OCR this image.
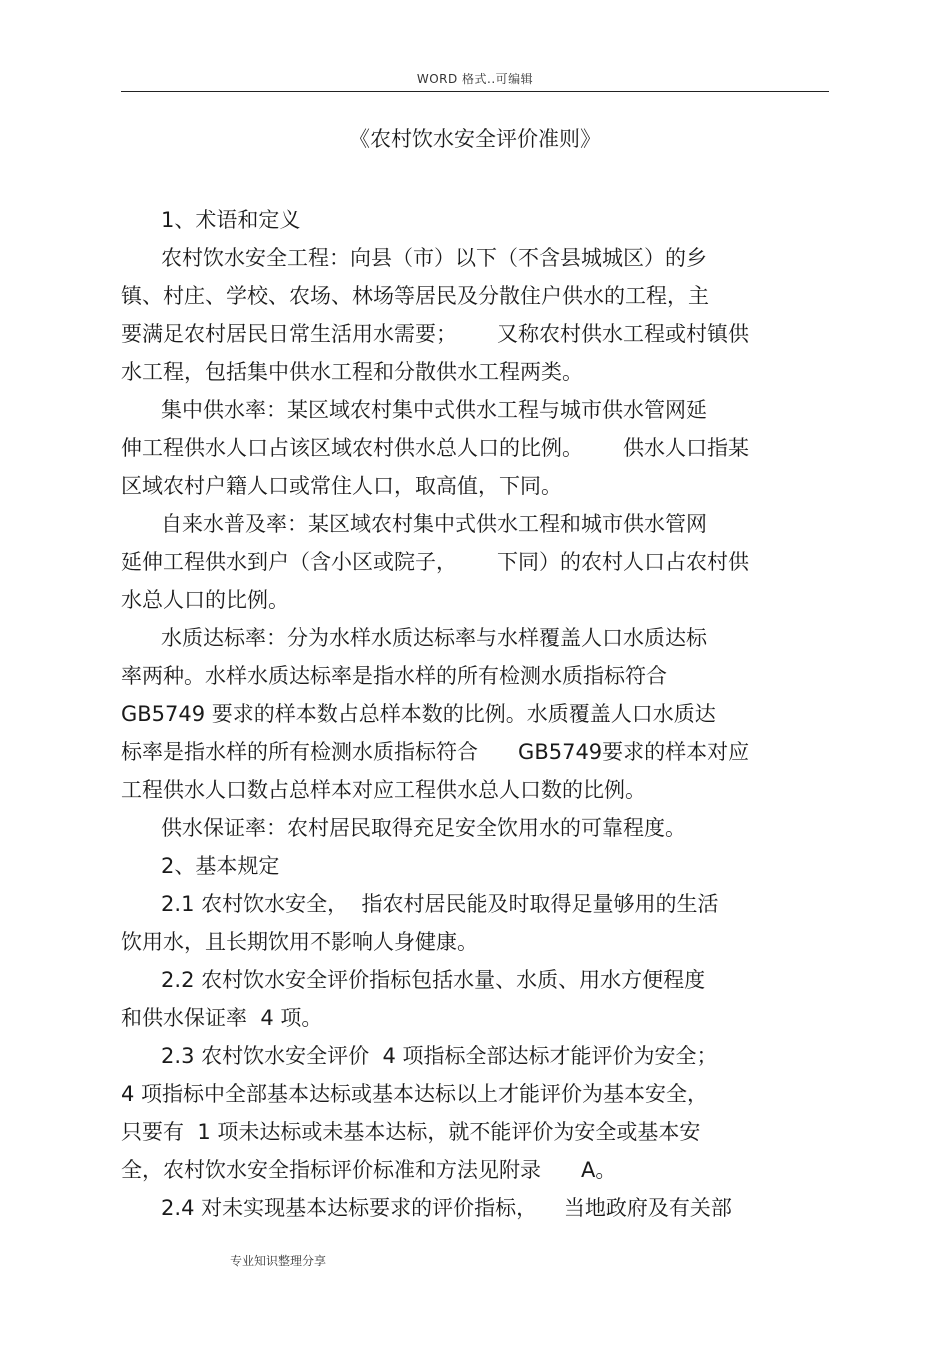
WORD 格式..可编辑
《农村饮水安全评价准则》
1、术语和定义
农村饮水安全工程：向县（市）以下（不含县城城区）的乡
镇、村庄、学校、农场、林场等居民及分散住户供水的工程，主
要满足农村居民日常生活用水需要；      又称农村供水工程或村镇供
水工程，包括集中供水工程和分散供水工程两类。
集中供水率：某区域农村集中式供水工程与城市供水管网延
伸工程供水人口占该区域农村供水总人口的比例。      供水人口指某
区域农村户籍人口或常住人口，取高值，下同。
自来水普及率：某区域农村集中式供水工程和城市供水管网
延伸工程供水到户（含小区或院子，      下同）的农村人口占农村供
水总人口的比例。
水质达标率：分为水样水质达标率与水样覆盖人口水质达标
率两种。水样水质达标率是指水样的所有检测水质指标符合
GB5749 要求的样本数占总样本数的比例。水质覆盖人口水质达
标率是指水样的所有检测水质指标符合      GB5749要求的样本对应
工程供水人口数占总样本对应工程供水总人口数的比例。
供水保证率：农村居民取得充足安全饮用水的可靠程度。
2、基本规定
2.1 农村饮水安全，  指农村居民能及时取得足量够用的生活
饮用水，且长期饮用不影响人身健康。
2.2 农村饮水安全评价指标包括水量、水质、用水方便程度
和供水保证率  4 项。
2.3 农村饮水安全评价  4 项指标全部达标才能评价为安全；
4 项指标中全部基本达标或基本达标以上才能评价为基本安全，
只要有  1 项未达标或未基本达标，就不能评价为安全或基本安
全，农村饮水安全指标评价标准和方法见附录      A。
2.4 对未实现基本达标要求的评价指标，    当地政府及有关部
专业知识整理分享
